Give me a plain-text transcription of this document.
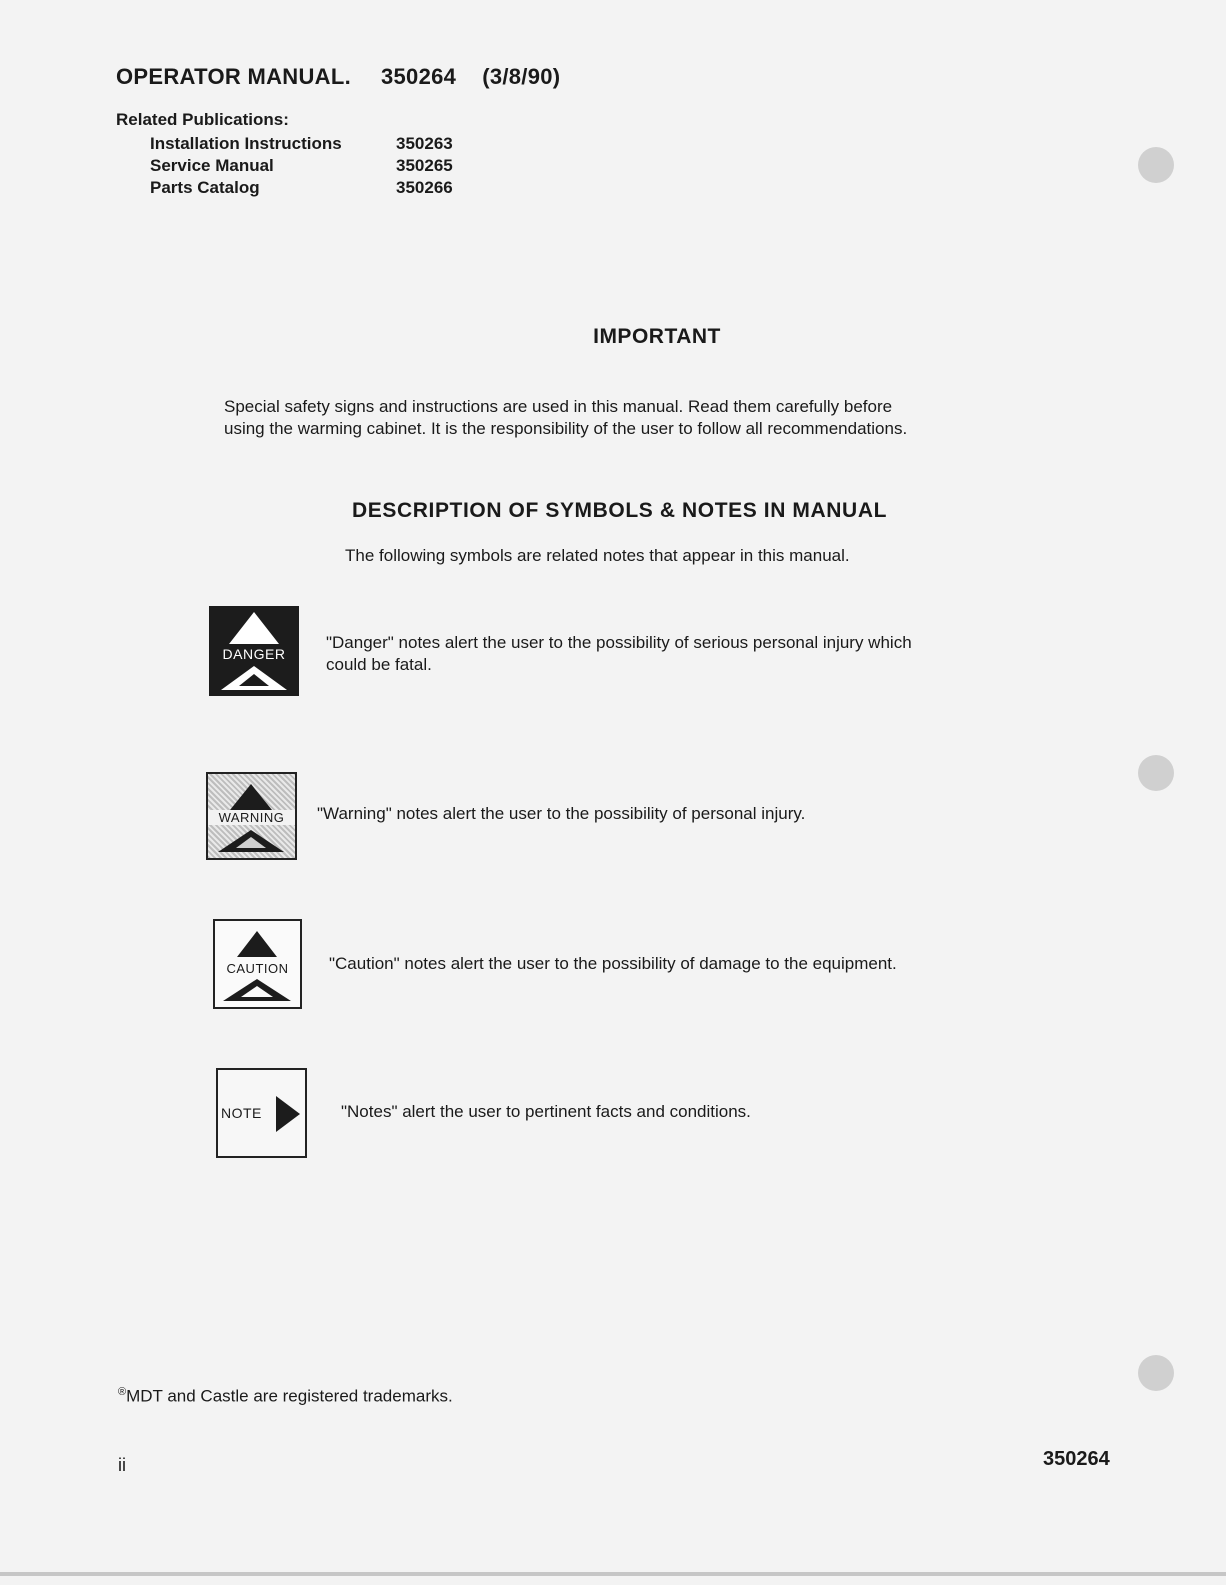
OPERATOR MANUAL. 350264 (3/8/90)
Related Publications:
Installation Instructions	350263
Service Manual	350265
Parts Catalog	350266
IMPORTANT
Special safety signs and instructions are used in this manual. Read them carefully before
using the warming cabinet. It is the responsibility of the user to follow all recommendations.
DESCRIPTION OF SYMBOLS & NOTES IN MANUAL
The following symbols are related notes that appear in this manual.
DANGER
"Danger" notes alert the user to the possibility of serious personal injury which
could be fatal.
WARNING	"Warning" notes alert the user to the possibility of personal injury.
CAUTION	"Caution" notes alert the user to the possibility of damage to the equipment.
NOTE	"Notes" alert the user to pertinent facts and conditions.
®MDT and Castle are registered trademarks.
ii	350264
